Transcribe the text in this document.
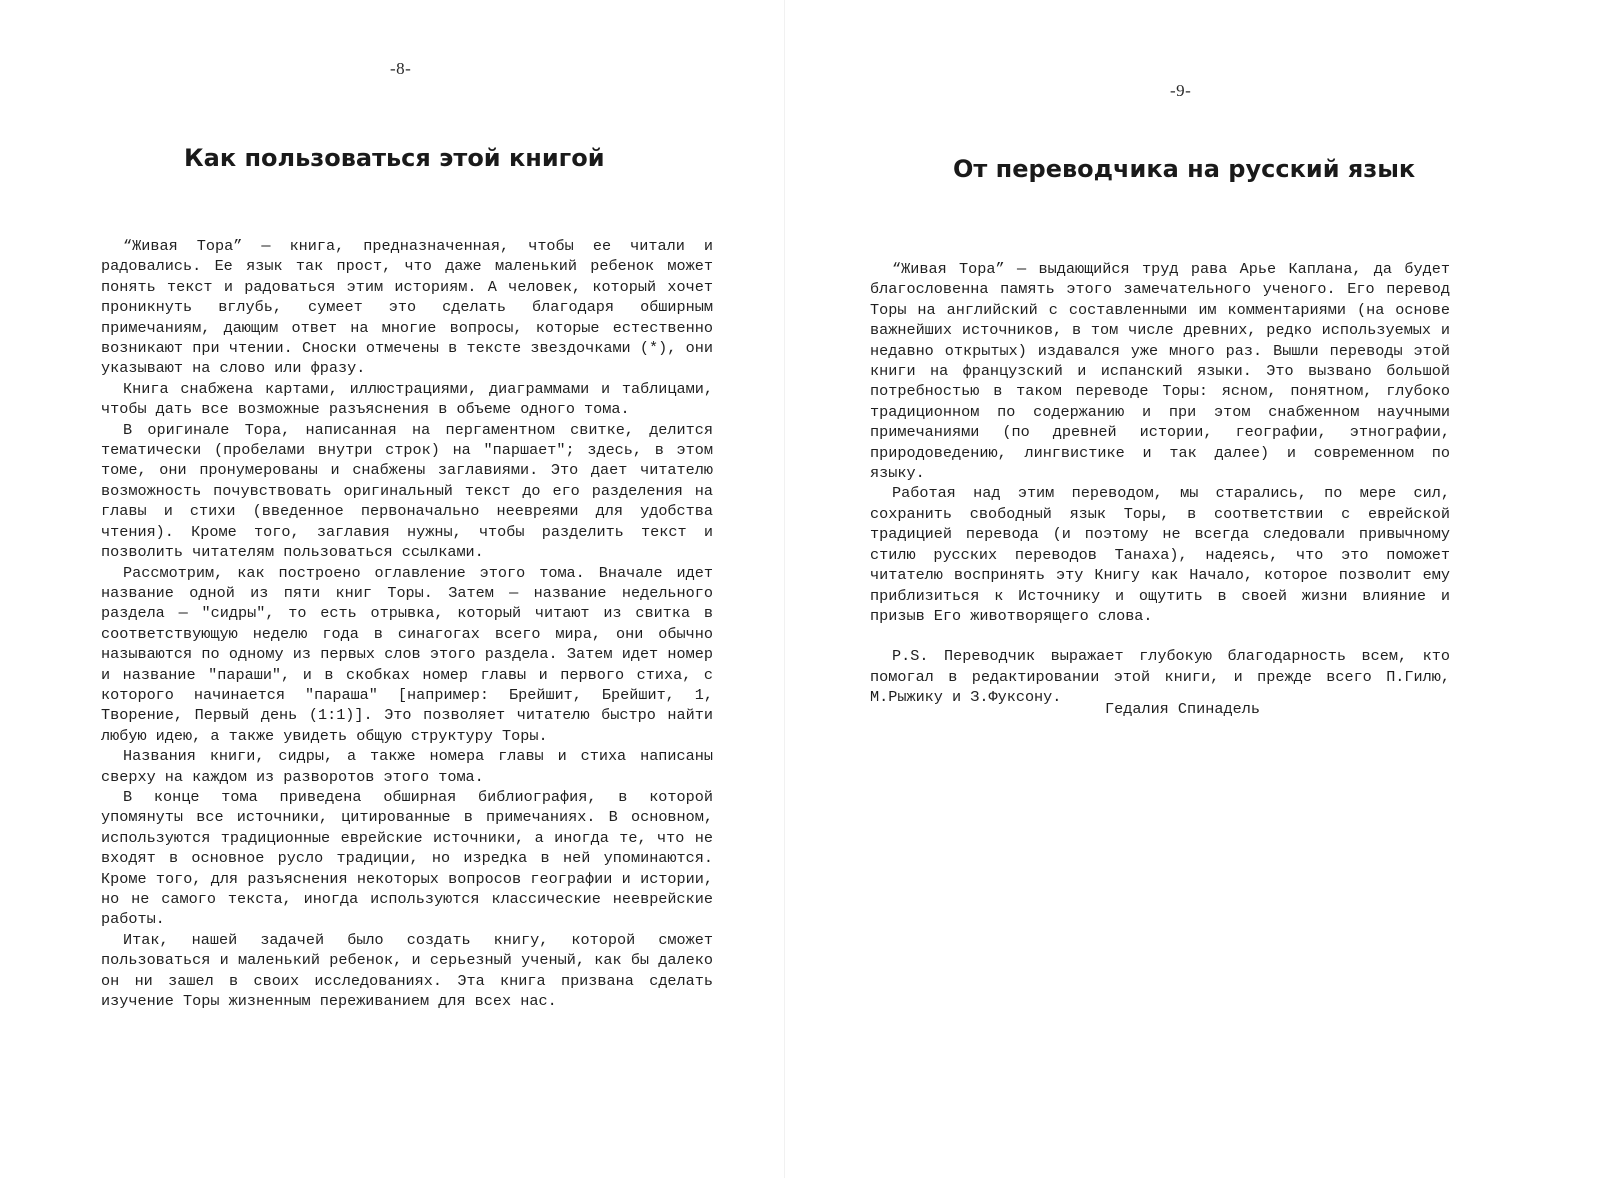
-8-
Как пользоваться этой книгой

“Живая Тора” — книга, предназначенная, чтобы ее читали и радовались. Ее язык так прост, что даже маленький ребенок может понять текст и радоваться этим историям. А человек, который хочет проникнуть вглубь, сумеет это сделать благодаря обширным примечаниям, дающим ответ на многие вопросы, которые естественно возникают при чтении. Сноски отмечены в тексте звездочками (*), они указывают на слово или фразу.

Книга снабжена картами, иллюстрациями, диаграммами и таблицами, чтобы дать все возможные разъяснения в объеме одного тома.

В оригинале Тора, написанная на пергаментном свитке, делится тематически (пробелами внутри строк) на "паршает"; здесь, в этом томе, они пронумерованы и снабжены заглавиями. Это дает читателю возможность почувствовать оригинальный текст до его разделения на главы и стихи (введенное первоначально неевреями для удобства чтения). Кроме того, заглавия нужны, чтобы разделить текст и позволить читателям пользоваться ссылками.

Рассмотрим, как построено оглавление этого тома. Вначале идет название одной из пяти книг Торы. Затем — название недельного раздела — "сидры", то есть отрывка, который читают из свитка в соответствующую неделю года в синагогах всего мира, они обычно называются по одному из первых слов этого раздела. Затем идет номер и название "параши", и в скобках номер главы и первого стиха, с которого начинается "параша" [например: Брейшит, Брейшит, 1, Творение, Первый день (1:1)]. Это позволяет читателю быстро найти любую идею, а также увидеть общую структуру Торы.

Названия книги, сидры, а также номера главы и стиха написаны сверху на каждом из разворотов этого тома.

В конце тома приведена обширная библиография, в которой упомянуты все источники, цитированные в примечаниях. В основном, используются традиционные еврейские источники, а иногда те, что не входят в основное русло традиции, но изредка в ней упоминаются. Кроме того, для разъяснения некоторых вопросов географии и истории, но не самого текста, иногда используются классические нееврейские работы.

Итак, нашей задачей было создать книгу, которой сможет пользоваться и маленький ребенок, и серьезный ученый, как бы далеко он ни зашел в своих исследованиях. Эта книга призвана сделать изучение Торы жизненным переживанием для всех нас.

-9-
От переводчика на русский язык

“Живая Тора” — выдающийся труд рава Арье Каплана, да будет благословенна память этого замечательного ученого. Его перевод Торы на английский с составленными им комментариями (на основе важнейших источников, в том числе древних, редко используемых и недавно открытых) издавался уже много раз. Вышли переводы этой книги на французский и испанский языки. Это вызвано большой потребностью в таком переводе Торы: ясном, понятном, глубоко традиционном по содержанию и при этом снабженном научными примечаниями (по древней истории, географии, этнографии, природоведению, лингвистике и так далее) и современном по языку.

Работая над этим переводом, мы старались, по мере сил, сохранить свободный язык Торы, в соответствии с еврейской традицией перевода (и поэтому не всегда следовали привычному стилю русских переводов Танаха), надеясь, что это поможет читателю воспринять эту Книгу как Начало, которое позволит ему приблизиться к Источнику и ощутить в своей жизни влияние и призыв Его животворящего слова.

P.S. Переводчик выражает глубокую благодарность всем, кто помогал в редактировании этой книги, и прежде всего П.Гилю, М.Рыжику и З.Фуксону.

Гедалия Спинадель
